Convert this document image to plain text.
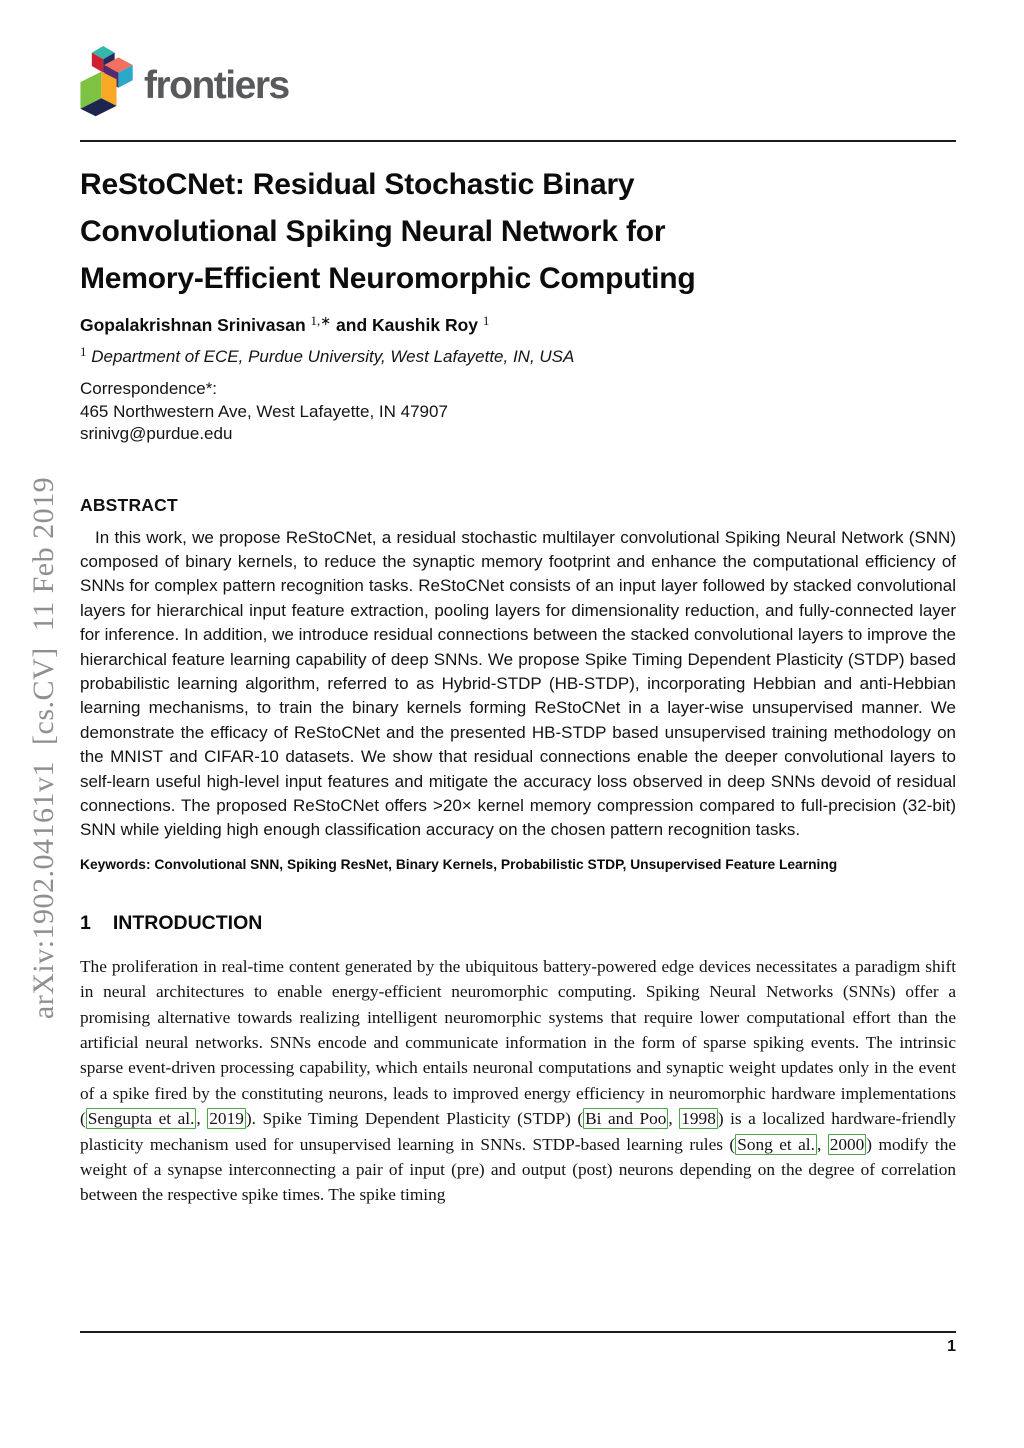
arXiv:1902.04161v1  [cs.CV]  11 Feb 2019
frontiers
ReStoCNet: Residual Stochastic Binary
Convolutional Spiking Neural Network for
Memory-Efficient Neuromorphic Computing
Gopalakrishnan Srinivasan $^{1,∗}$ and Kaushik Roy $^1$
$^1$ Department of ECE, Purdue University, West Lafayette, IN, USA
Correspondence*:
465 Northwestern Ave, West Lafayette, IN 47907
srinivg@purdue.edu
ABSTRACT
In this work, we propose ReStoCNet, a residual stochastic multilayer convolutional Spiking Neural Network (SNN) composed of binary kernels, to reduce the synaptic memory footprint and enhance the computational efficiency of SNNs for complex pattern recognition tasks. ReStoCNet consists of an input layer followed by stacked convolutional layers for hierarchical input feature extraction, pooling layers for dimensionality reduction, and fully-connected layer for inference. In addition, we introduce residual connections between the stacked convolutional layers to improve the hierarchical feature learning capability of deep SNNs. We propose Spike Timing Dependent Plasticity (STDP) based probabilistic learning algorithm, referred to as Hybrid-STDP (HB-STDP), incorporating Hebbian and anti-Hebbian learning mechanisms, to train the binary kernels forming ReStoCNet in a layer-wise unsupervised manner. We demonstrate the efficacy of ReStoCNet and the presented HB-STDP based unsupervised training methodology on the MNIST and CIFAR-10 datasets. We show that residual connections enable the deeper convolutional layers to self-learn useful high-level input features and mitigate the accuracy loss observed in deep SNNs devoid of residual connections. The proposed ReStoCNet offers >20× kernel memory compression compared to full-precision (32-bit) SNN while yielding high enough classification accuracy on the chosen pattern recognition tasks.
Keywords: Convolutional SNN, Spiking ResNet, Binary Kernels, Probabilistic STDP, Unsupervised Feature Learning
1 INTRODUCTION
The proliferation in real-time content generated by the ubiquitous battery-powered edge devices necessitates a paradigm shift in neural architectures to enable energy-efficient neuromorphic computing. Spiking Neural Networks (SNNs) offer a promising alternative towards realizing intelligent neuromorphic systems that require lower computational effort than the artificial neural networks. SNNs encode and communicate information in the form of sparse spiking events. The intrinsic sparse event-driven processing capability, which entails neuronal computations and synaptic weight updates only in the event of a spike fired by the constituting neurons, leads to improved energy efficiency in neuromorphic hardware implementations ( Sengupta et al. , 2019 ). Spike Timing Dependent Plasticity (STDP) ( Bi and Poo , 1998 ) is a localized hardware-friendly plasticity mechanism used for unsupervised learning in SNNs. STDP-based learning rules ( Song et al. , 2000 ) modify the weight of a synapse interconnecting a pair of input (pre) and output (post) neurons depending on the degree of correlation between the respective spike times. The spike timing
1
